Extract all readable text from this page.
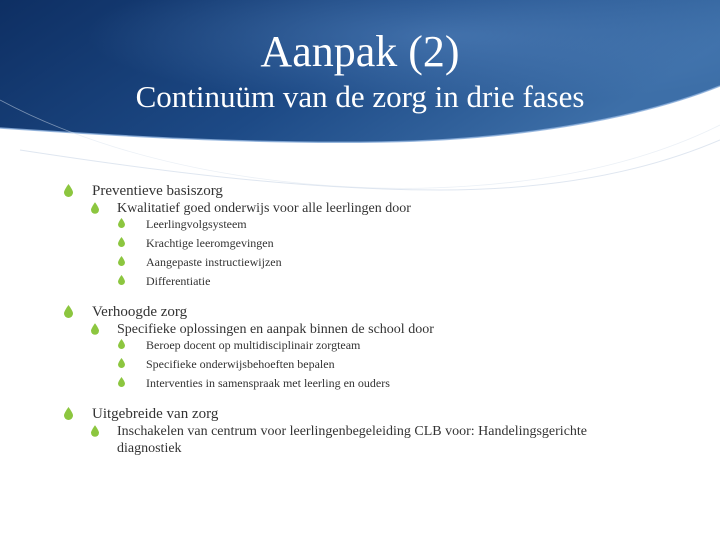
Aanpak (2)
Continuüm van de zorg in drie fases
Preventieve basiszorg
Kwalitatief goed onderwijs voor alle leerlingen door
Leerlingvolgsysteem
Krachtige leeromgevingen
Aangepaste instructiewijzen
Differentiatie
Verhoogde zorg
Specifieke oplossingen en aanpak binnen de school door
Beroep docent op multidisciplinair zorgteam
Specifieke onderwijsbehoeften bepalen
Interventies in samenspraak met leerling en ouders
Uitgebreide van zorg
Inschakelen van centrum voor leerlingenbegeleiding CLB voor: Handelingsgerichte diagnostiek
